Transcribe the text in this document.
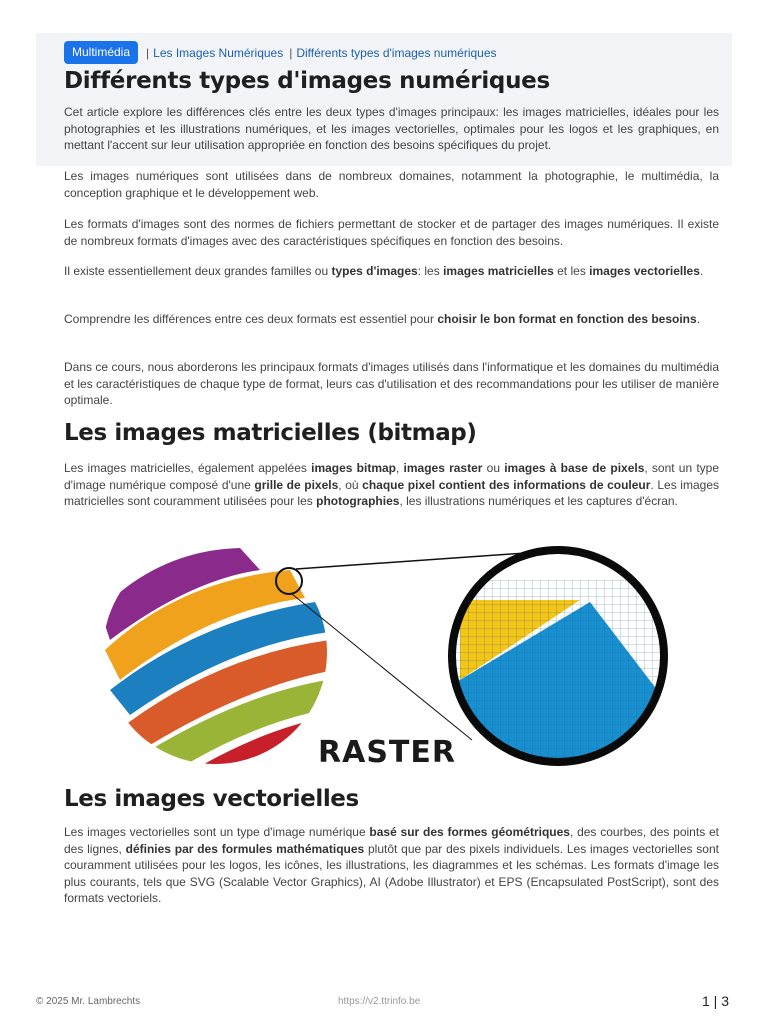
Multimédia	| Les Images Numériques | Différents types d'images numériques
Différents types d'images numériques

Cet article explore les différences clés entre les deux types d'images principaux: les images matricielles, idéales pour les photographies et les illustrations numériques, et les images vectorielles, optimales pour les logos et les graphiques, en mettant l'accent sur leur utilisation appropriée en fonction des besoins spécifiques du projet.

Les images numériques sont utilisées dans de nombreux domaines, notamment la photographie, le multimédia, la conception graphique et le développement web.

Les formats d'images sont des normes de fichiers permettant de stocker et de partager des images numériques. Il existe de nombreux formats d'images avec des caractéristiques spécifiques en fonction des besoins.

Il existe essentiellement deux grandes familles ou types d'images: les images matricielles et les images vectorielles.

Comprendre les différences entre ces deux formats est essentiel pour choisir le bon format en fonction des besoins.

Dans ce cours, nous aborderons les principaux formats d'images utilisés dans l'informatique et les domaines du multimédia et les caractéristiques de chaque type de format, leurs cas d'utilisation et des recommandations pour les utiliser de manière optimale.

Les images matricielles (bitmap)

Les images matricielles, également appelées images bitmap, images raster ou images à base de pixels, sont un type d'image numérique composé d'une grille de pixels, où chaque pixel contient des informations de couleur. Les images matricielles sont couramment utilisées pour les photographies, les illustrations numériques et les captures d'écran.

RASTER
Les images vectorielles

Les images vectorielles sont un type d'image numérique basé sur des formes géométriques, des courbes, des points et des lignes, définies par des formules mathématiques plutôt que par des pixels individuels. Les images vectorielles sont couramment utilisées pour les logos, les icônes, les illustrations, les diagrammes et les schémas. Les formats d'image les plus courants, tels que SVG (Scalable Vector Graphics), AI (Adobe Illustrator) et EPS (Encapsulated PostScript), sont des formats vectoriels.

© 2025 Mr. Lambrechts	https://v2.ttrinfo.be	1 | 3
